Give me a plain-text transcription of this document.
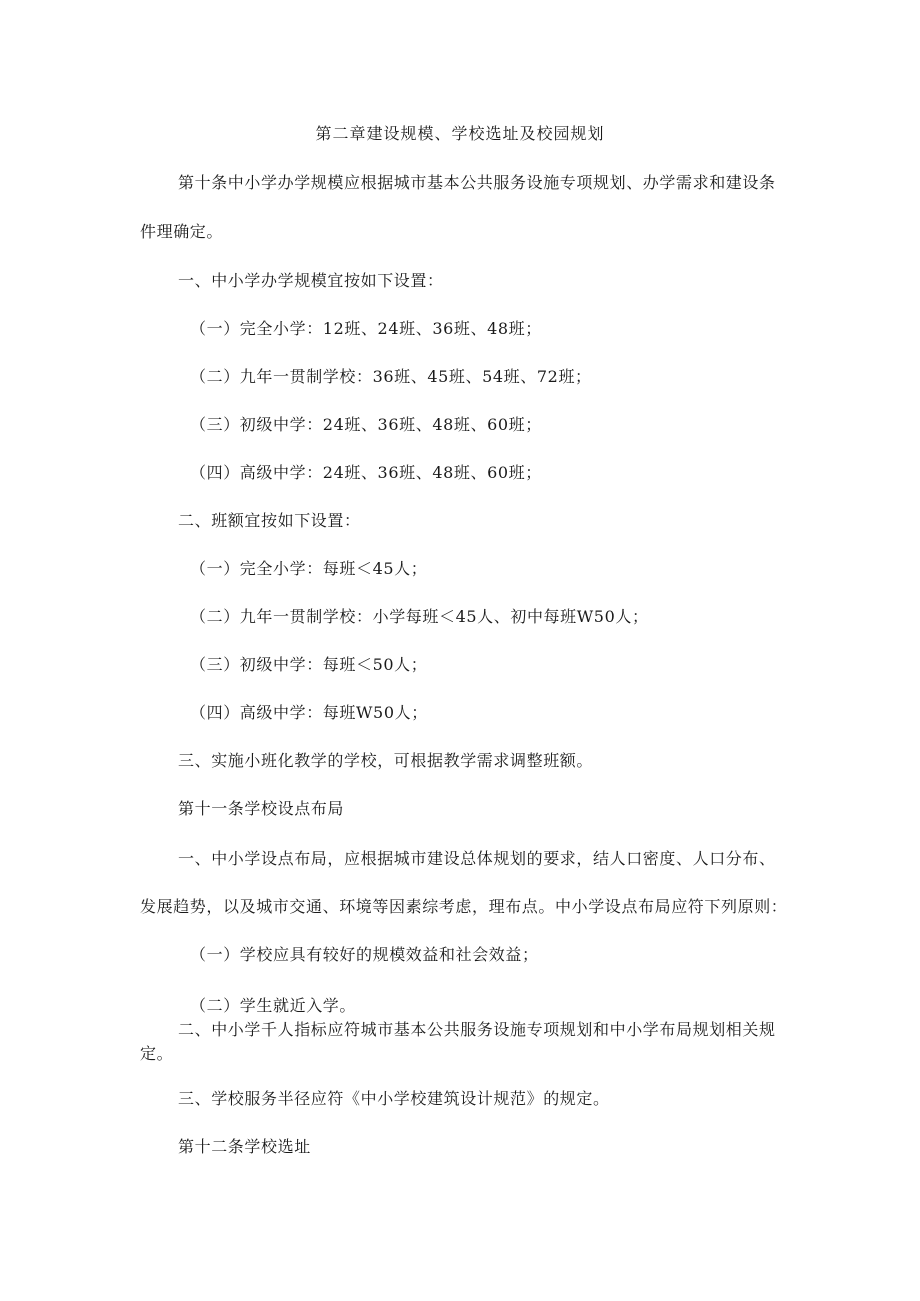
第二章建设规模、学校选址及校园规划
第十条中小学办学规模应根据城市基本公共服务设施专项规划、办学需求和建设条
件理确定。
一、中小学办学规模宜按如下设置：
（一）完全小学：12班、24班、36班、48班；
（二）九年一贯制学校：36班、45班、54班、72班；
（三）初级中学：24班、36班、48班、60班；
（四）高级中学：24班、36班、48班、60班；
二、班额宜按如下设置：
（一）完全小学：每班＜45人；
（二）九年一贯制学校：小学每班＜45人、初中每班W50人；
（三）初级中学：每班＜50人；
（四）高级中学：每班W50人；
三、实施小班化教学的学校，可根据教学需求调整班额。
第十一条学校设点布局
一、中小学设点布局，应根据城市建设总体规划的要求，结人口密度、人口分布、
发展趋势，以及城市交通、环境等因素综考虑，理布点。中小学设点布局应符下列原则：
（一）学校应具有较好的规模效益和社会效益；
（二）学生就近入学。
二、中小学千人指标应符城市基本公共服务设施专项规划和中小学布局规划相关规
定。
三、学校服务半径应符《中小学校建筑设计规范》的规定。
第十二条学校选址
